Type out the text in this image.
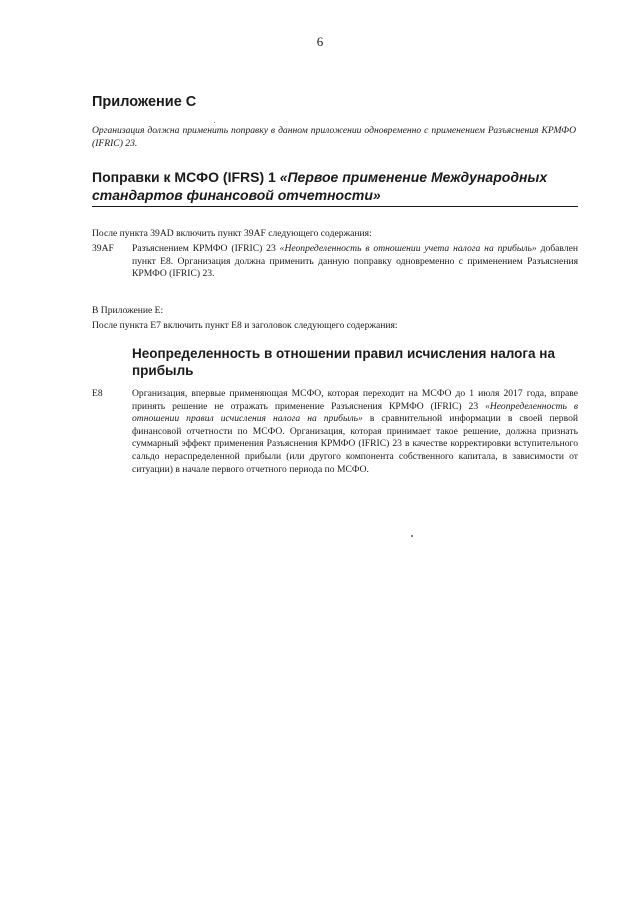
6
Приложение С
Организация должна применить поправку в данном приложении одновременно с применением Разъяснения КРМФО (IFRIC) 23.
Поправки к МСФО (IFRS) 1 «Первое применение Международных стандартов финансовой отчетности»
После пункта 39AD включить пункт 39AF следующего содержания:
39AF	Разъяснением КРМФО (IFRIC) 23 «Неопределенность в отношении учета налога на прибыль» добавлен пункт E8. Организация должна применить данную поправку одновременно с применением Разъяснения КРМФО (IFRIC) 23.
В Приложение E:
После пункта E7 включить пункт E8 и заголовок следующего содержания:
Неопределенность в отношении правил исчисления налога на прибыль
E8	Организация, впервые применяющая МСФО, которая переходит на МСФО до 1 июля 2017 года, вправе принять решение не отражать применение Разъяснения КРМФО (IFRIC) 23 «Неопределенность в отношении правил исчисления налога на прибыль» в сравнительной информации в своей первой финансовой отчетности по МСФО. Организация, которая принимает такое решение, должна признать суммарный эффект применения Разъяснения КРМФО (IFRIC) 23 в качестве корректировки вступительного сальдо нераспределенной прибыли (или другого компонента собственного капитала, в зависимости от ситуации) в начале первого отчетного периода по МСФО.
